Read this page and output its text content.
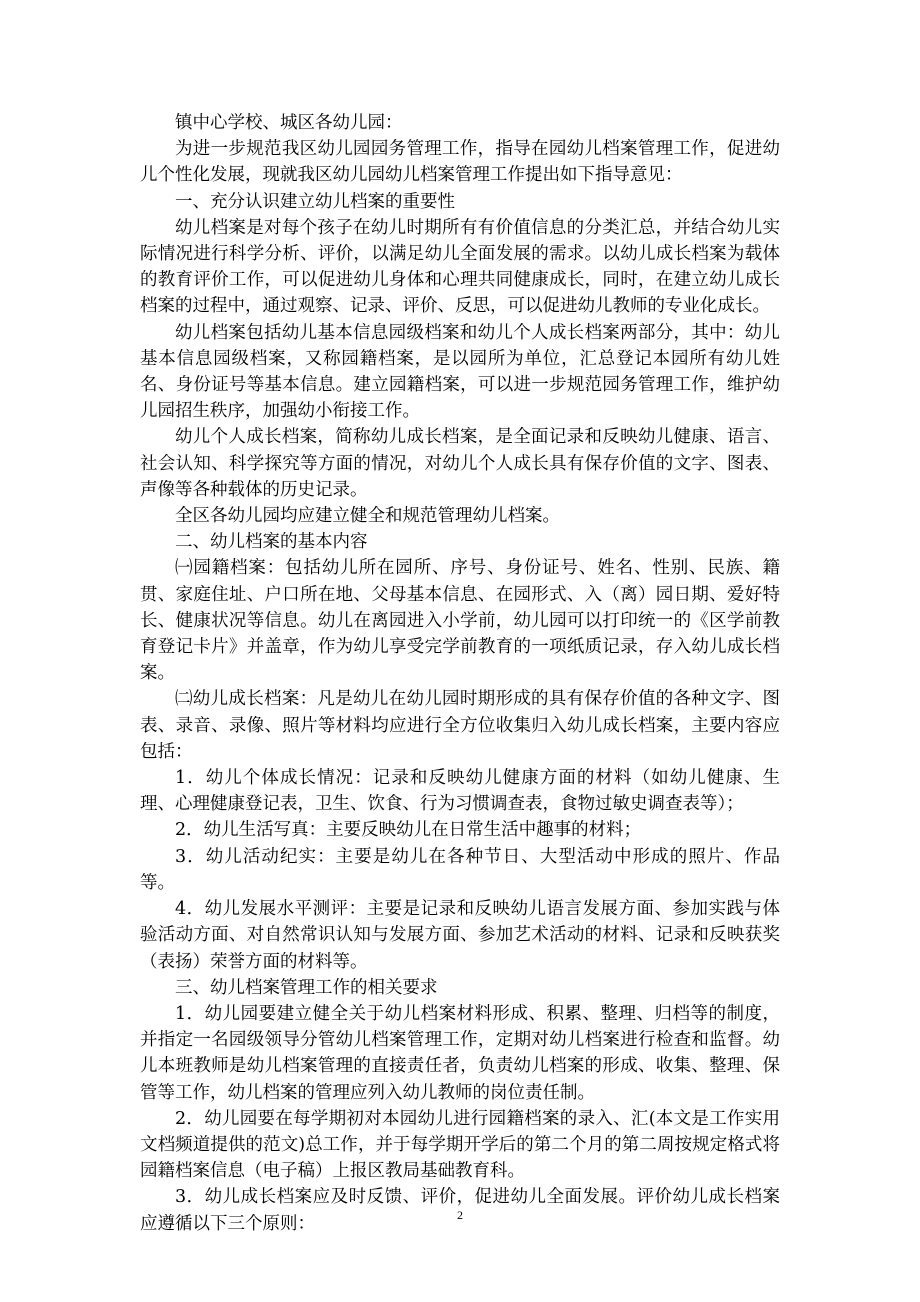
镇中心学校、城区各幼儿园：

为进一步规范我区幼儿园园务管理工作，指导在园幼儿档案管理工作，促进幼儿个性化发展，现就我区幼儿园幼儿档案管理工作提出如下指导意见：

一、充分认识建立幼儿档案的重要性

幼儿档案是对每个孩子在幼儿时期所有有价值信息的分类汇总，并结合幼儿实际情况进行科学分析、评价，以满足幼儿全面发展的需求。以幼儿成长档案为载体的教育评价工作，可以促进幼儿身体和心理共同健康成长，同时，在建立幼儿成长档案的过程中，通过观察、记录、评价、反思，可以促进幼儿教师的专业化成长。

幼儿档案包括幼儿基本信息园级档案和幼儿个人成长档案两部分，其中：幼儿基本信息园级档案，又称园籍档案，是以园所为单位，汇总登记本园所有幼儿姓名、身份证号等基本信息。建立园籍档案，可以进一步规范园务管理工作，维护幼儿园招生秩序，加强幼小衔接工作。

幼儿个人成长档案，简称幼儿成长档案，是全面记录和反映幼儿健康、语言、社会认知、科学探究等方面的情况，对幼儿个人成长具有保存价值的文字、图表、声像等各种载体的历史记录。

全区各幼儿园均应建立健全和规范管理幼儿档案。

二、幼儿档案的基本内容

㈠园籍档案：包括幼儿所在园所、序号、身份证号、姓名、性别、民族、籍贯、家庭住址、户口所在地、父母基本信息、在园形式、入（离）园日期、爱好特长、健康状况等信息。幼儿在离园进入小学前，幼儿园可以打印统一的《区学前教育登记卡片》并盖章，作为幼儿享受完学前教育的一项纸质记录，存入幼儿成长档案。

㈡幼儿成长档案：凡是幼儿在幼儿园时期形成的具有保存价值的各种文字、图表、录音、录像、照片等材料均应进行全方位收集归入幼儿成长档案，主要内容应包括：

1．幼儿个体成长情况：记录和反映幼儿健康方面的材料（如幼儿健康、生理、心理健康登记表，卫生、饮食、行为习惯调查表，食物过敏史调查表等）；

2．幼儿生活写真：主要反映幼儿在日常生活中趣事的材料；

3．幼儿活动纪实：主要是幼儿在各种节日、大型活动中形成的照片、作品等。

4．幼儿发展水平测评：主要是记录和反映幼儿语言发展方面、参加实践与体验活动方面、对自然常识认知与发展方面、参加艺术活动的材料、记录和反映获奖（表扬）荣誉方面的材料等。

三、幼儿档案管理工作的相关要求

1．幼儿园要建立健全关于幼儿档案材料形成、积累、整理、归档等的制度，并指定一名园级领导分管幼儿档案管理工作，定期对幼儿档案进行检查和监督。幼儿本班教师是幼儿档案管理的直接责任者，负责幼儿档案的形成、收集、整理、保管等工作，幼儿档案的管理应列入幼儿教师的岗位责任制。

2．幼儿园要在每学期初对本园幼儿进行园籍档案的录入、汇(本文是工作实用文档频道提供的范文)总工作，并于每学期开学后的第二个月的第二周按规定格式将园籍档案信息（电子稿）上报区教局基础教育科。

3．幼儿成长档案应及时反馈、评价，促进幼儿全面发展。评价幼儿成长档案应遵循以下三个原则：	2
